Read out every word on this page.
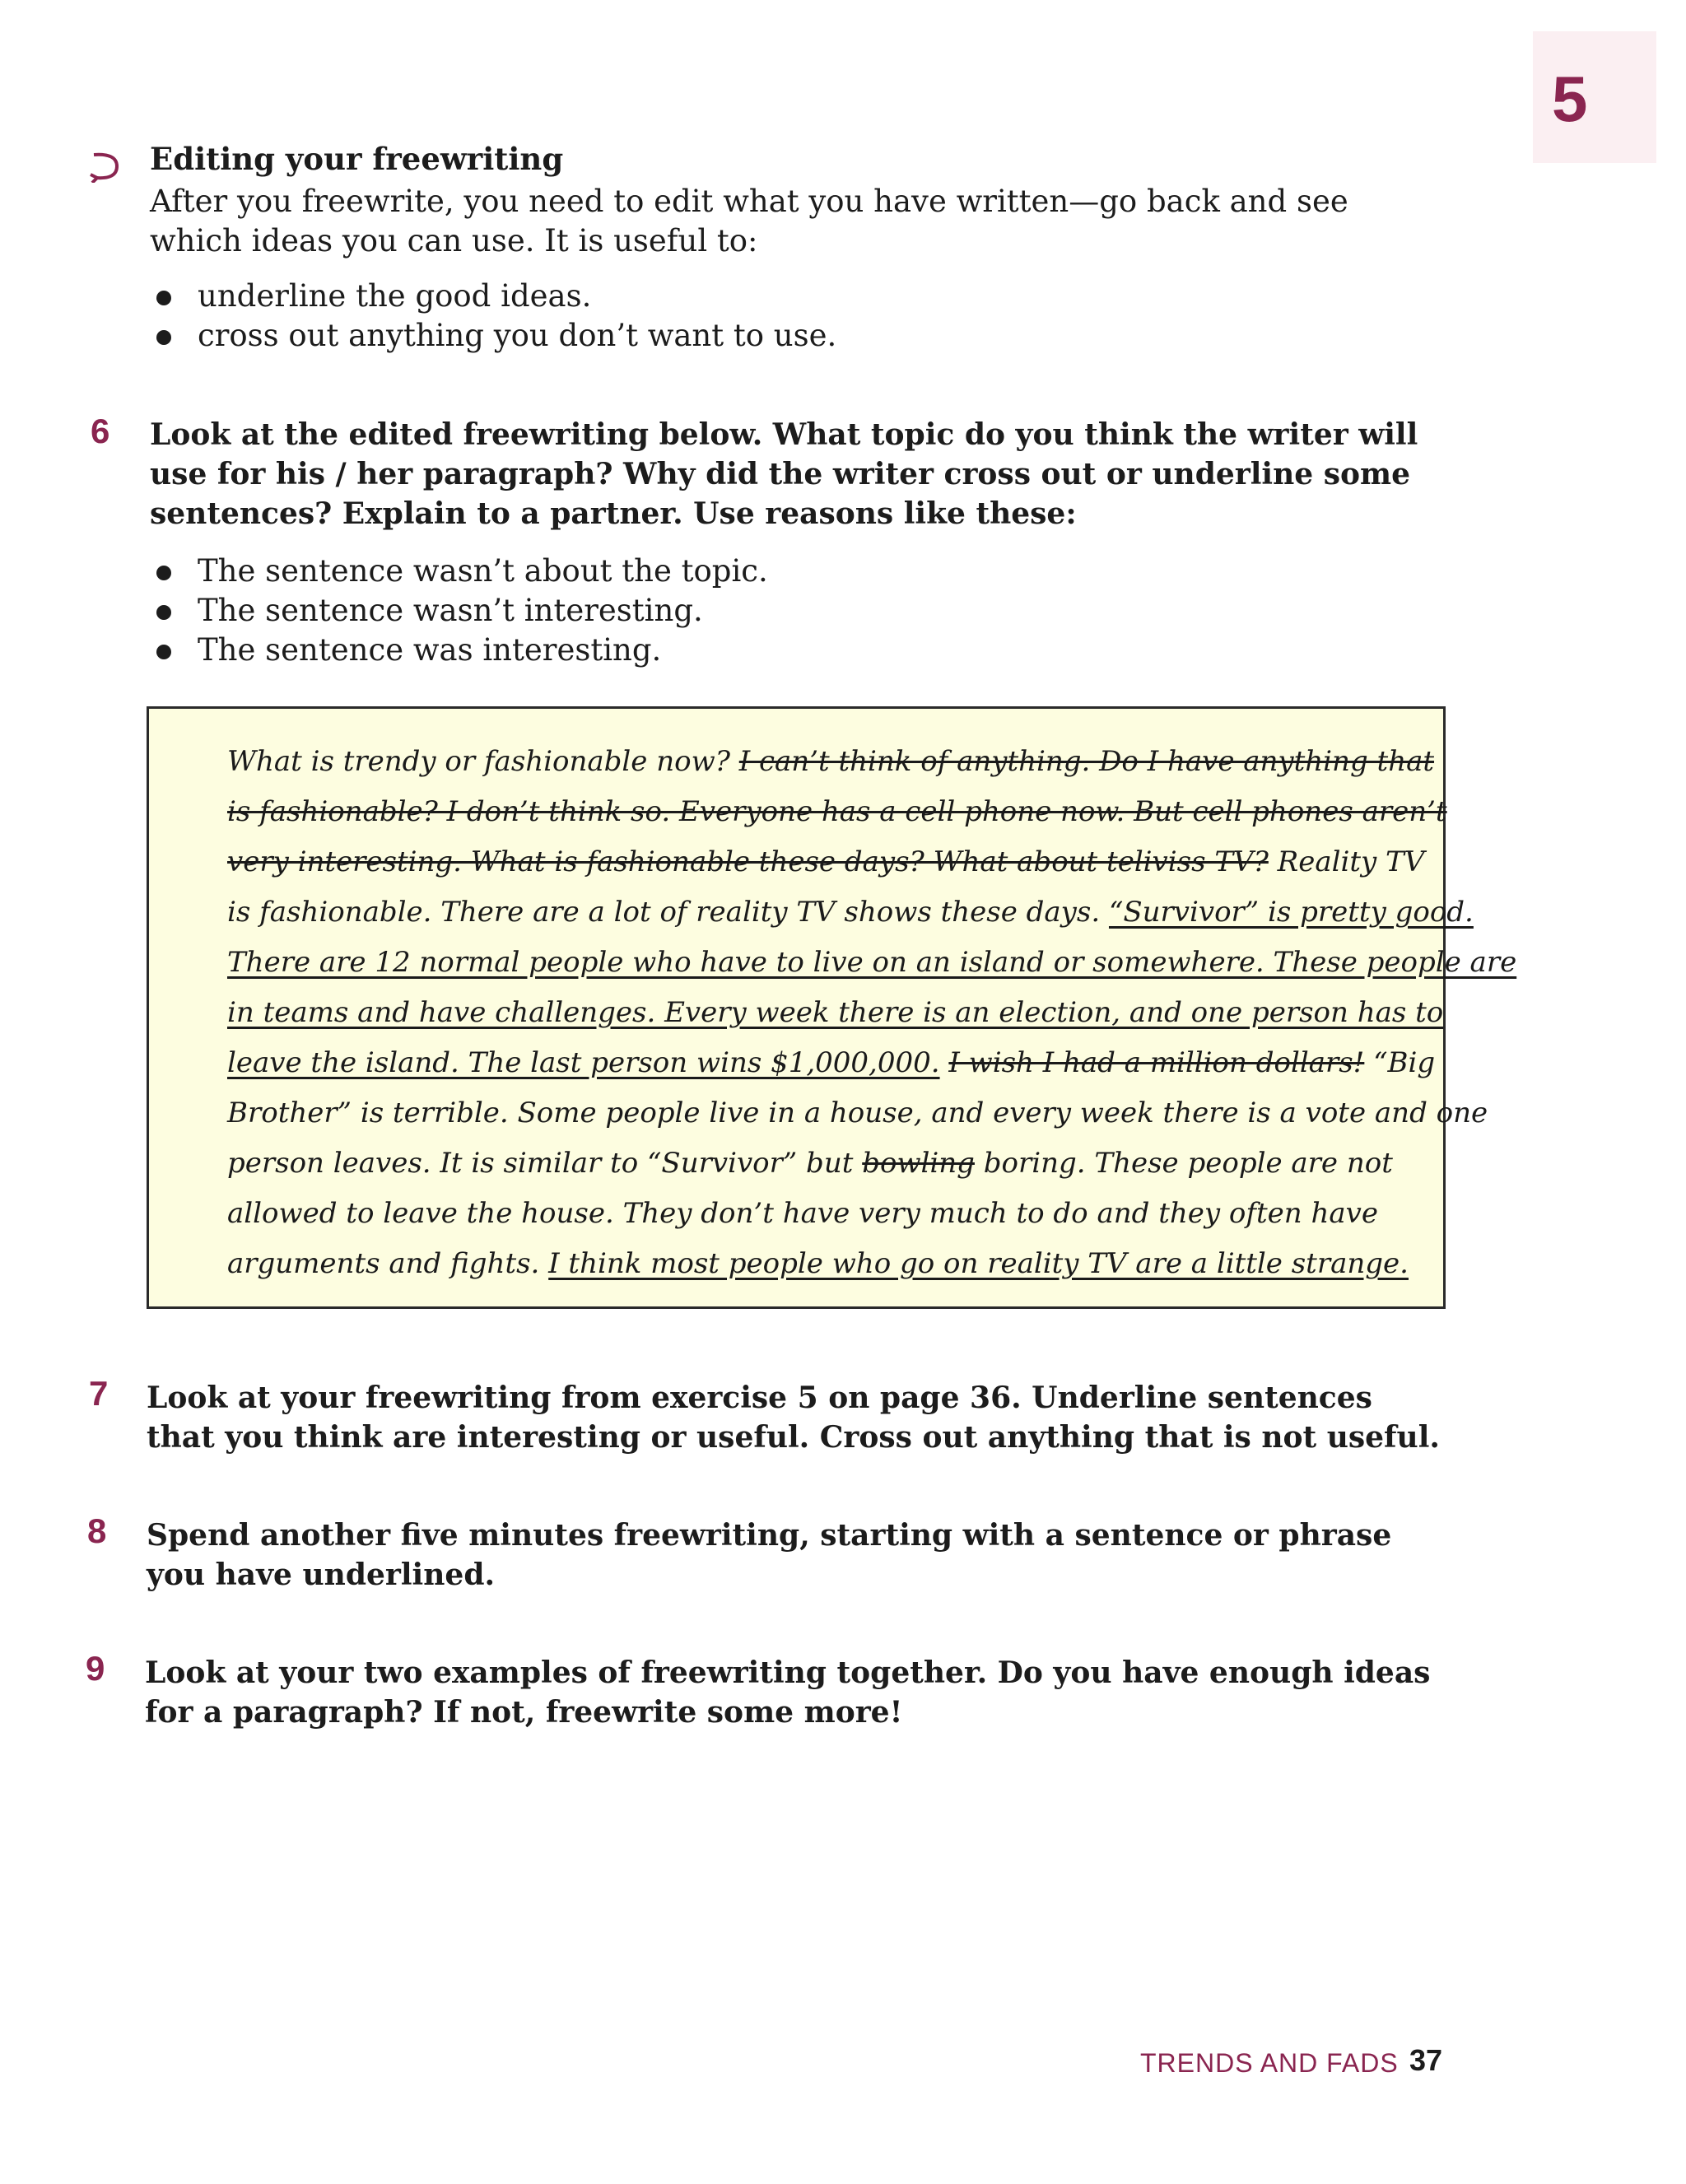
5
Editing your freewriting
After you freewrite, you need to edit what you have written—go back and see which ideas you can use. It is useful to:
underline the good ideas.
cross out anything you don’t want to use.
6 Look at the edited freewriting below. What topic do you think the writer will use for his / her paragraph? Why did the writer cross out or underline some sentences? Explain to a partner. Use reasons like these:
The sentence wasn’t about the topic.
The sentence wasn’t interesting.
The sentence was interesting.
What is trendy or fashionable now? I can’t think of anything. Do I have anything that
is fashionable? I don’t think so. Everyone has a cell phone now. But cell phones aren’t
very interesting. What is fashionable these days? What about teliviss TV? Reality TV
is fashionable. There are a lot of reality TV shows these days. “Survivor” is pretty good.
There are 12 normal people who have to live on an island or somewhere. These people are
in teams and have challenges. Every week there is an election, and one person has to
leave the island. The last person wins $1,000,000. I wish I had a million dollars! “Big
Brother” is terrible. Some people live in a house, and every week there is a vote and one
person leaves. It is similar to “Survivor” but bowling boring. These people are not
allowed to leave the house. They don’t have very much to do and they often have
arguments and fights. I think most people who go on reality TV are a little strange.
7 Look at your freewriting from exercise 5 on page 36. Underline sentences that you think are interesting or useful. Cross out anything that is not useful.
8 Spend another five minutes freewriting, starting with a sentence or phrase you have underlined.
9 Look at your two examples of freewriting together. Do you have enough ideas for a paragraph? If not, freewrite some more!
TRENDS AND FADS 37
